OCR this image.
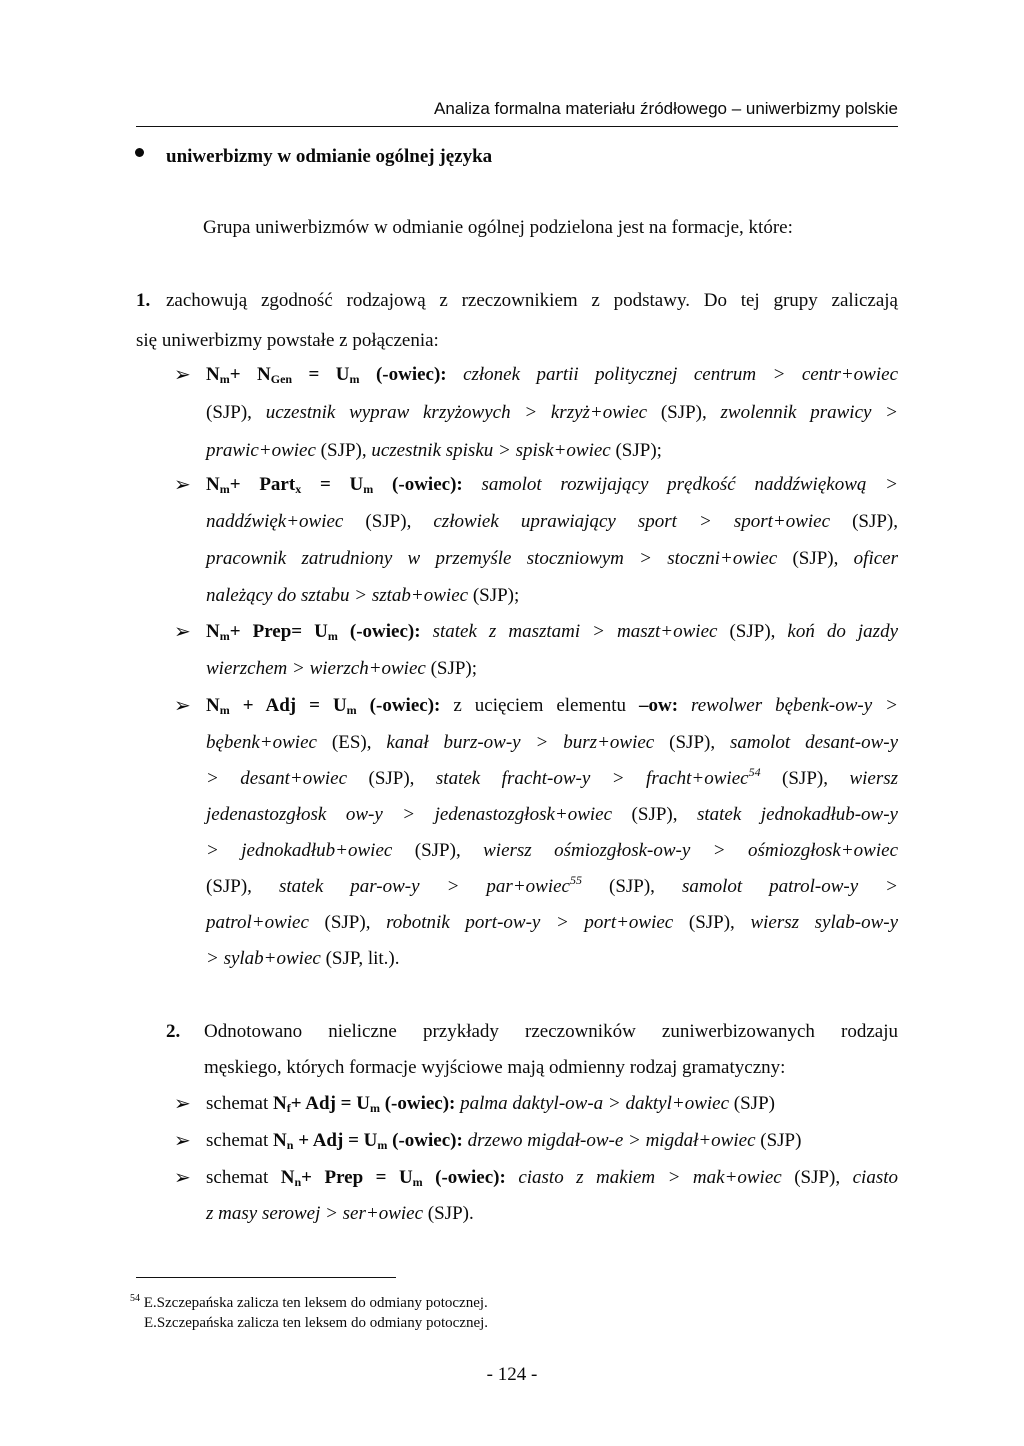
Analiza formalna materiału źródłowego – uniwerbizmy polskie
uniwerbizmy w odmianie ogólnej języka
Grupa uniwerbizmów w odmianie ogólnej podzielona jest na formacje, które:
1. zachowują zgodność rodzajową z rzeczownikiem z podstawy. Do tej grupy zaliczają
się uniwerbizmy powstałe z połączenia:
➢ $N_m+ N_{Gen} = U_m$ (-owiec): członek partii politycznej centrum > centr+owiec
(SJP), uczestnik wypraw krzyżowych > krzyż+owiec (SJP), zwolennik prawicy >
prawic+owiec (SJP), uczestnik spisku > spisk+owiec (SJP);
➢ $N_m+$ Part$_x$ = $U_m$ (-owiec): samolot rozwijający prędkość naddźwiękową >
naddźwięk+owiec (SJP), człowiek uprawiający sport > sport+owiec (SJP),
pracownik zatrudniony w przemyśle stoczniowym > stoczni+owiec (SJP), oficer
należący do sztabu > sztab+owiec (SJP);
➢ $N_m+$ Prep= $U_m$ (-owiec): statek z masztami > maszt+owiec (SJP), koń do jazdy
wierzchem > wierzch+owiec (SJP);
➢ $N_m$ + Adj = $U_m$ (-owiec): z ucięciem elementu –ow: rewolwer bębenk-ow-y >
bębenk+owiec (ES), kanał burz-ow-y > burz+owiec (SJP), samolot desant-ow-y
> desant+owiec (SJP), statek fracht-ow-y > fracht+owiec$^{54}$ (SJP), wiersz
jedenastozgłosk ow-y > jedenastozgłosk+owiec (SJP), statek jednokadłub-ow-y
> jednokadłub+owiec (SJP), wiersz ośmiozgłosk-ow-y > ośmiozgłosk+owiec
(SJP), statek par-ow-y > par+owiec$^{55}$ (SJP), samolot patrol-ow-y >
patrol+owiec (SJP), robotnik port-ow-y > port+owiec (SJP), wiersz sylab-ow-y
> sylab+owiec (SJP, lit.).
2.	Odnotowano nieliczne przykłady rzeczowników zuniwerbizowanych rodzaju
męskiego, których formacje wyjściowe mają odmienny rodzaj gramatyczny:
➢ schemat $N_f+$ Adj = $U_m$ (-owiec): palma daktyl-ow-a > daktyl+owiec (SJP)
➢ schemat $N_n$ + Adj = $U_m$ (-owiec): drzewo migdał-ow-e > migdał+owiec (SJP)
➢ schemat $N_n+$ Prep = $U_m$ (-owiec): ciasto z makiem > mak+owiec (SJP), ciasto
z masy serowej > ser+owiec (SJP).
$^{54}$ E.Szczepańska zalicza ten leksem do odmiany potocznej.
E.Szczepańska zalicza ten leksem do odmiany potocznej.
- 124 -
